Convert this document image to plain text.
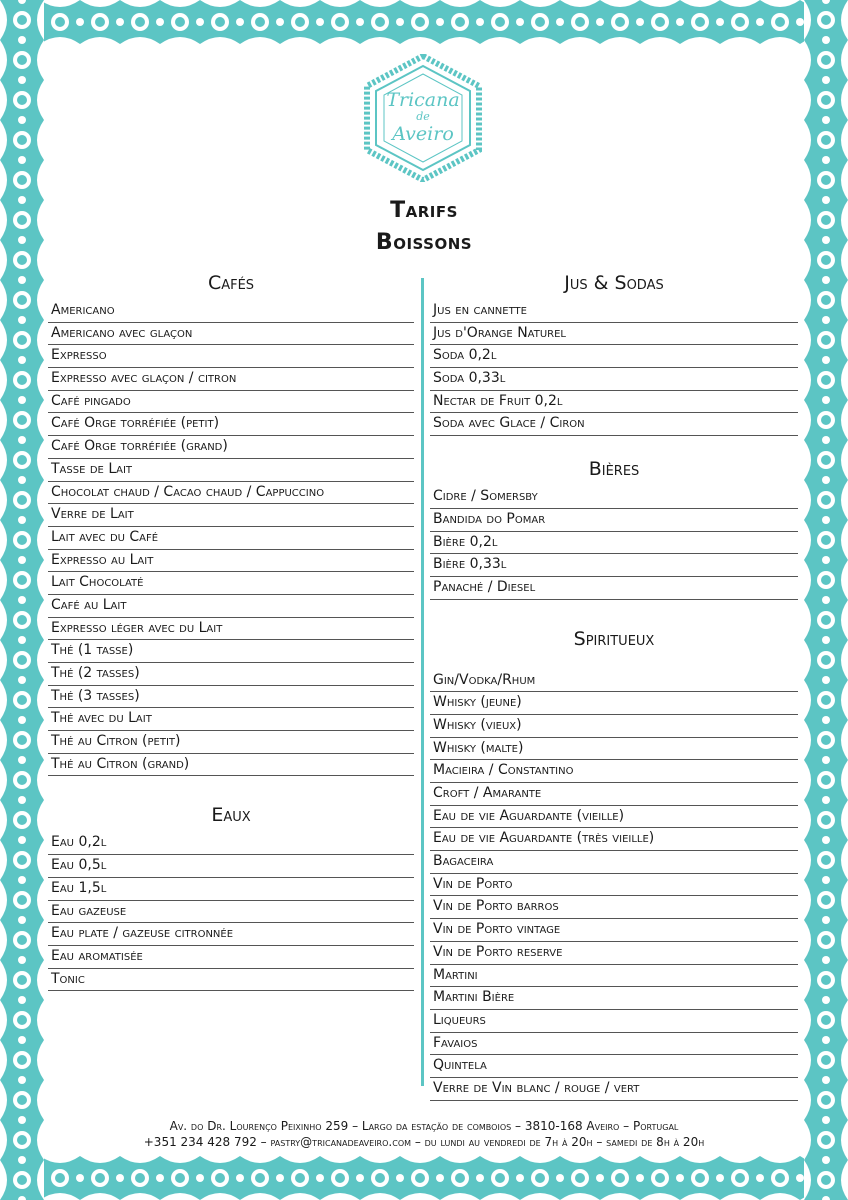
Tricana
de
Aveiro
Tarifs
Boissons
Cafés
Americano
Americano avec glaçon
Expresso
Expresso avec glaçon / citron
Café pingado
Café Orge torréfiée (petit)
Café Orge torréfiée (grand)
Tasse de Lait
Chocolat chaud / Cacao chaud / Cappuccino
Verre de Lait
Lait avec du Café
Expresso au Lait
Lait Chocolaté
Café au Lait
Expresso léger avec du Lait
Thé (1 tasse)
Thé (2 tasses)
Thé (3 tasses)
Thé avec du Lait
Thé au Citron (petit)
Thé au Citron (grand)
Eaux
Eau 0,2l
Eau 0,5l
Eau 1,5l
Eau gazeuse
Eau plate / gazeuse citronnée
Eau aromatisée
Tonic
Jus & Sodas
Jus en cannette
Jus d'Orange Naturel
Soda 0,2l
Soda 0,33l
Nectar de Fruit 0,2l
Soda avec Glace / Ciron
Bières
Cidre / Somersby
Bandida do Pomar
Bière 0,2l
Bière 0,33l
Panaché / Diesel
Spiritueux
Gin/Vodka/Rhum
Whisky (jeune)
Whisky (vieux)
Whisky (malte)
Macieira / Constantino
Croft / Amarante
Eau de vie Aguardante (vieille)
Eau de vie Aguardante (très vieille)
Bagaceira
Vin de Porto
Vin de Porto barros
Vin de Porto vintage
Vin de Porto reserve
Martini
Martini Bière
Liqueurs
Favaios
Quintela
Verre de Vin blanc / rouge / vert
Av. do Dr. Lourenço Peixinho 259 – Largo da estação de comboios – 3810-168 Aveiro – Portugal
+351 234 428 792 – pastry@tricanadeaveiro.com – du lundi au vendredi de 7h à 20h – samedi de 8h à 20h
